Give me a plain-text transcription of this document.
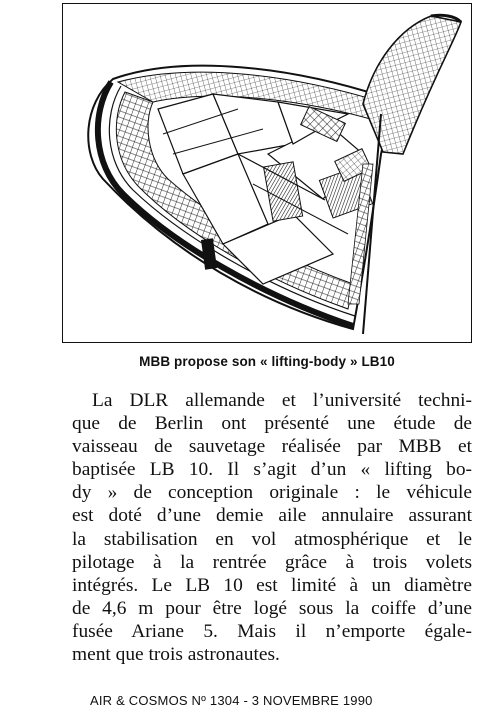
MBB propose son « lifting-body » LB10
La DLR allemande et l’université techni-
que de Berlin ont présenté une étude de
vaisseau de sauvetage réalisée par MBB et
baptisée LB 10. Il s’agit d’un « lifting bo-
dy » de conception originale : le véhicule
est doté d’une demie aile annulaire assurant
la stabilisation en vol atmosphérique et le
pilotage à la rentrée grâce à trois volets
intégrés. Le LB 10 est limité à un diamètre
de 4,6 m pour être logé sous la coiffe d’une
fusée Ariane 5. Mais il n’emporte égale-
ment que trois astronautes.
AIR & COSMOS Nº 1304 - 3 NOVEMBRE 1990
